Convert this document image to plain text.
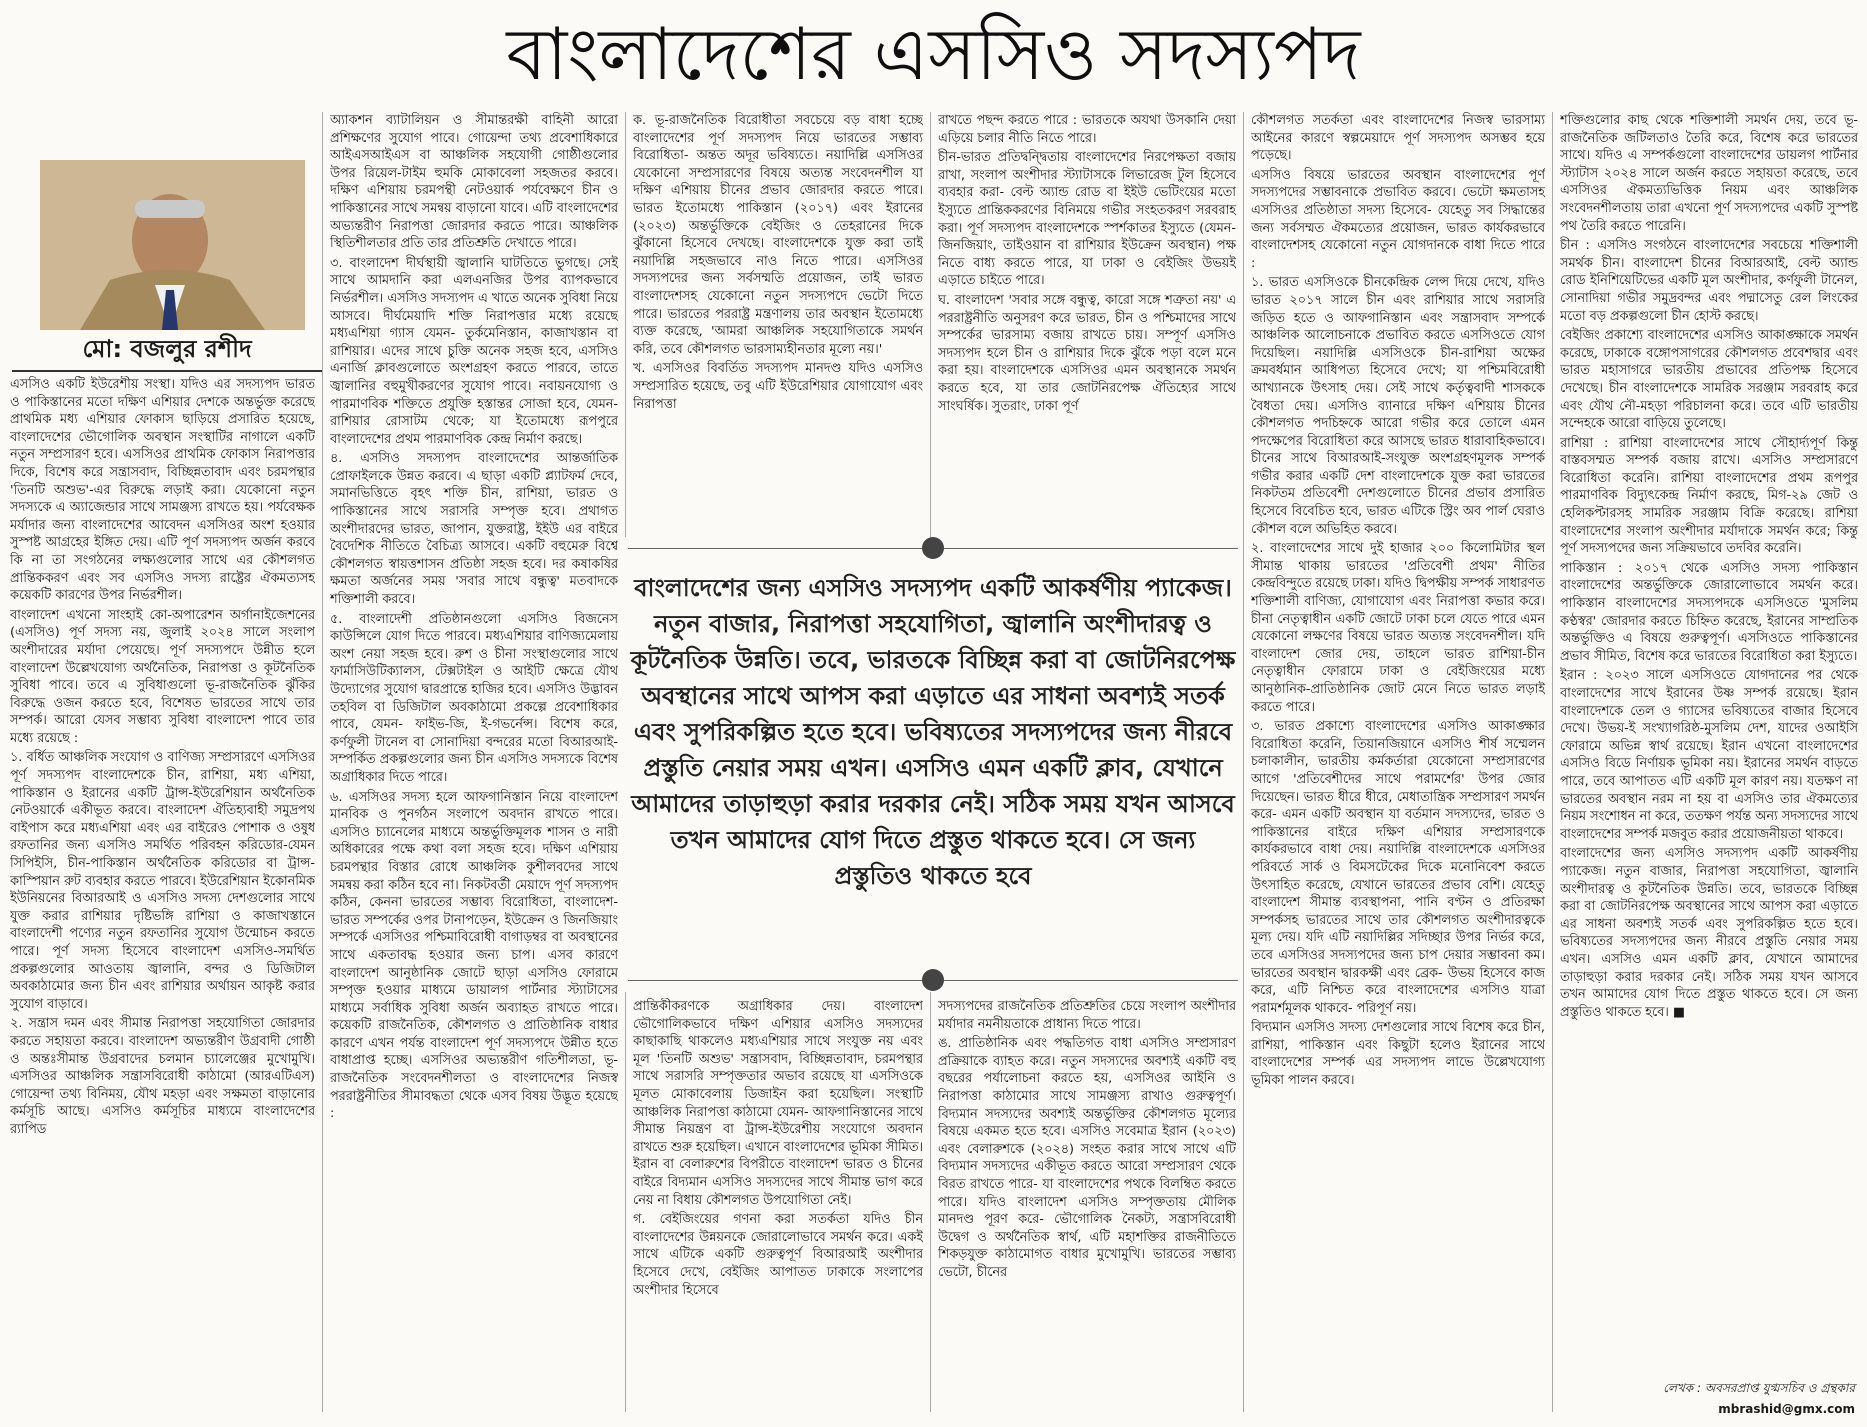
বাংলাদেশের এসসিও সদস্যপদ
মো: বজলুর রশীদ

এসসিও একটি ইউরেশীয় সংস্থা। যদিও এর সদস্যপদ ভারত ও পাকিস্তানের মতো দক্ষিণ এশিয়ার দেশকে অন্তর্ভুক্ত করেছে প্রাথমিক মধ্য এশিয়ার ফোকাস ছাড়িয়ে প্রসারিত হয়েছে, বাংলাদেশের ভৌগোলিক অবস্থান সংস্থাটির নাগালে একটি নতুন সম্প্রসারণ হবে। এসসিওর প্রাথমিক ফোকাস নিরাপত্তার দিকে, বিশেষ করে সন্ত্রাসবাদ, বিচ্ছিন্নতাবাদ এবং চরমপন্থার 'তিনটি অশুভ'-এর বিরুদ্ধে লড়াই করা। যেকোনো নতুন সদস্যকে এ অ্যাজেন্ডার সাথে সামঞ্জস্য রাখতে হয়। পর্যবেক্ষক মর্যাদার জন্য বাংলাদেশের আবেদন এসসিওর অংশ হওয়ার সুস্পষ্ট আগ্রহের ইঙ্গিত দেয়। এটি পূর্ণ সদস্যপদ অর্জন করবে কি না তা সংগঠনের লক্ষ্যগুলোর সাথে এর কৌশলগত প্রান্তিককরণ এবং সব এসসিও সদস্য রাষ্ট্রের ঐকমত্যসহ কয়েকটি কারণের উপর নির্ভরশীল।

বাংলাদেশ এখনো সাংহাই কো-অপারেশন অর্গানাইজেশনের (এসসিও) পূর্ণ সদস্য নয়, জুলাই ২০২৪ সালে সংলাপ অংশীদারের মর্যাদা পেয়েছে। পূর্ণ সদস্যপদে উন্নীত হলে বাংলাদেশ উল্লেখযোগ্য অর্থনৈতিক, নিরাপত্তা ও কূটনৈতিক সুবিধা পাবে। তবে এ সুবিধাগুলো ভূ-রাজনৈতিক ঝুঁকির বিরুদ্ধে ওজন করতে হবে, বিশেষত ভারতের সাথে তার সম্পর্ক। আরো যেসব সম্ভাব্য সুবিধা বাংলাদেশ পাবে তার মধ্যে রয়েছে :

১. বর্ধিত আঞ্চলিক সংযোগ ও বাণিজ্য সম্প্রসারণে এসসিওর পূর্ণ সদস্যপদ বাংলাদেশকে চীন, রাশিয়া, মধ্য এশিয়া, পাকিস্তান ও ইরানের একটি ট্রান্স-ইউরেশিয়ান অর্থনৈতিক নেটওয়ার্কে একীভূত করবে। বাংলাদেশ ঐতিহ্যবাহী সমুদ্রপথ বাইপাস করে মধ্যএশিয়া এবং এর বাইরেও পোশাক ও ওষুধ রফতানির জন্য এসসিও সমর্থিত পরিবহন করিডোর-যেমন সিপিইসি, চীন-পাকিস্তান অর্থনৈতিক করিডোর বা ট্রান্স-কাস্পিয়ান রুট ব্যবহার করতে পারবে। ইউরেশিয়ান ইকোনমিক ইউনিয়নের বিআরআই ও এসসিও সদস্য দেশগুলোর সাথে যুক্ত করার রাশিয়ার দৃষ্টিভঙ্গি রাশিয়া ও কাজাখস্তানে বাংলাদেশী পণ্যের নতুন রফতানির সুযোগ উন্মোচন করতে পারে। পূর্ণ সদস্য হিসেবে বাংলাদেশ এসসিও-সমর্থিত প্রকল্পগুলোর আওতায় জ্বালানি, বন্দর ও ডিজিটাল অবকাঠামোর জন্য চীন এবং রাশিয়ার অর্থায়ন আকৃষ্ট করার সুযোগ বাড়াবে।

২. সন্ত্রাস দমন এবং সীমান্ত নিরাপত্তা সহযোগিতা জোরদার করতে সহায়তা করবে। বাংলাদেশ অভ্যন্তরীণ উগ্রবাদী গোষ্ঠী ও অন্তঃসীমান্ত উগ্রবাদের চলমান চ্যালেঞ্জের মুখোমুখি। এসসিওর আঞ্চলিক সন্ত্রাসবিরোধী কাঠামো (আরএটিএস) গোয়েন্দা তথ্য বিনিময়, যৌথ মহড়া এবং সক্ষমতা বাড়ানোর কর্মসূচি আছে। এসসিও কর্মসূচির মাধ্যমে বাংলাদেশের র‍্যাপিড

অ্যাকশন ব্যাটালিয়ন ও সীমান্তরক্ষী বাহিনী আরো প্রশিক্ষণের সুযোগ পাবে। গোয়েন্দা তথ্য প্রবেশাধিকারে আইএসআইএস বা আঞ্চলিক সহযোগী গোষ্ঠীগুলোর উপর রিয়েল-টাইম হুমকি মোকাবেলা সহজতর করবে। দক্ষিণ এশিয়ায় চরমপন্থী নেটওয়ার্ক পর্যবেক্ষণে চীন ও পাকিস্তানের সাথে সমন্বয় বাড়ানো যাবে। এটি বাংলাদেশের অভ্যন্তরীণ নিরাপত্তা জোরদার করতে পারে। আঞ্চলিক স্থিতিশীলতার প্রতি তার প্রতিশ্রুতি দেখাতে পারে।

৩. বাংলাদেশ দীর্ঘস্থায়ী জ্বালানি ঘাটতিতে ভুগছে। সেই সাথে আমদানি করা এলএনজির উপর ব্যাপকভাবে নির্ভরশীল। এসসিও সদস্যপদ এ খাতে অনেক সুবিধা নিয়ে আসবে। দীর্ঘমেয়াদি শক্তি নিরাপত্তার মধ্যে রয়েছে মধ্যএশিয়া গ্যাস যেমন- তুর্কমেনিস্তান, কাজাখস্তান বা রাশিয়ার। এদের সাথে চুক্তি অনেক সহজ হবে, এসসিও এনার্জি ক্লাবগুলোতে অংশগ্রহণ করতে পারবে, তাতে জ্বালানির বহুমুখীকরণের সুযোগ পাবে। নবায়নযোগ্য ও পারমাণবিক শক্তিতে প্রযুক্তি হস্তান্তর সোজা হবে, যেমন- রাশিয়ার রোসাটম থেকে; যা ইতোমধ্যে রূপপুরে বাংলাদেশের প্রথম পারমাণবিক কেন্দ্র নির্মাণ করছে।

৪. এসসিও সদস্যপদ বাংলাদেশের আন্তর্জাতিক প্রোফাইলকে উন্নত করবে। এ ছাড়া একটি প্ল্যাটফর্ম দেবে, সমানভিত্তিতে বৃহৎ শক্তি চীন, রাশিয়া, ভারত ও পাকিস্তানের সাথে সরাসরি সম্পৃক্ত হবে। প্রথাগত অংশীদারদের ভারত, জাপান, যুক্তরাষ্ট্র, ইইউ এর বাইরে বৈদেশিক নীতিতে বৈচিত্র্য আসবে। একটি বহুমেরু বিশ্বে কৌশলগত স্বায়ত্তশাসন প্রতিষ্ঠা সহজ হবে। দর কষাকষির ক্ষমতা অর্জনের সময় 'সবার সাথে বন্ধুত্ব' মতবাদকে শক্তিশালী করবে।

৫. বাংলাদেশী প্রতিষ্ঠানগুলো এসসিও বিজনেস কাউন্সিলে যোগ দিতে পারবে। মধ্যএশিয়ার বাণিজ্যমেলায় অংশ নেয়া সহজ হবে। রুশ ও চীনা সংস্থাগুলোর সাথে ফার্মাসিউটিক্যালস, টেক্সটাইল ও আইটি ক্ষেত্রে যৌথ উদ্যোগের সুযোগ দ্বারপ্রান্তে হাজির হবে। এসসিও উদ্ভাবন তহবিল বা ডিজিটাল অবকাঠামো প্রকল্পে প্রবেশাধিকার পাবে, যেমন- ফাইভ-জি, ই-গভর্নেন্স। বিশেষ করে, কর্ণফুলী টানেল বা সোনাদিয়া বন্দরের মতো বিআরআই-সম্পর্কিত প্রকল্পগুলোর জন্য চীন এসসিও সদস্যকে বিশেষ অগ্রাধিকার দিতে পারে।

৬. এসসিওর সদস্য হলে আফগানিস্তান নিয়ে বাংলাদেশ মানবিক ও পুনর্গঠন সংলাপে অবদান রাখতে পারে। এসসিও চ্যানেলের মাধ্যমে অন্তর্ভুক্তিমূলক শাসন ও নারী অধিকারের পক্ষে কথা বলা সহজ হবে। দক্ষিণ এশিয়ায় চরমপন্থার বিস্তার রোধে আঞ্চলিক কুশীলবদের সাথে সমন্বয় করা কঠিন হবে না। নিকটবর্তী মেয়াদে পূর্ণ সদস্যপদ কঠিন, কেননা ভারতের সম্ভাব্য বিরোধিতা, বাংলাদেশ-ভারত সম্পর্কের ওপর টানাপড়েন, ইউক্রেন ও জিনজিয়াং সম্পর্কে এসসিওর পশ্চিমাবিরোধী বাগাড়ম্বর বা অবস্থানের সাথে একতাবদ্ধ হওয়ার জন্য চাপ। এসব কারণে বাংলাদেশ আনুষ্ঠানিক জোটে ছাড়া এসসিও ফোরামে সম্পৃক্ত হওয়ার মাধ্যমে ডায়ালগ পার্টনার স্ট্যাটাসের মাধ্যমে সর্বাধিক সুবিধা অর্জন অব্যাহত রাখতে পারে। কয়েকটি রাজনৈতিক, কৌশলগত ও প্রাতিষ্ঠানিক বাধার কারণে এখন পর্যন্ত বাংলাদেশ পূর্ণ সদস্যপদে উন্নীত হতে বাধাপ্রাপ্ত হচ্ছে। এসসিওর অভ্যন্তরীণ গতিশীলতা, ভূ-রাজনৈতিক সংবেদনশীলতা ও বাংলাদেশের নিজস্ব পররাষ্ট্রনীতির সীমাবদ্ধতা থেকে এসব বিষয় উদ্ভূত হয়েছে :

ক. ভূ-রাজনৈতিক বিরোধীতা সবচেয়ে বড় বাধা হচ্ছে বাংলাদেশের পূর্ণ সদস্যপদ নিয়ে ভারতের সম্ভাব্য বিরোধিতা- অন্তত অদূর ভবিষ্যতে। নয়াদিল্লি এসসিওর যেকোনো সম্প্রসারণের বিষয়ে অত্যন্ত সংবেদনশীল যা দক্ষিণ এশিয়ায় চীনের প্রভাব জোরদার করতে পারে। ভারত ইতোমধ্যে পাকিস্তান (২০১৭) এবং ইরানের (২০২৩) অন্তর্ভুক্তিকে বেইজিং ও তেহরানের দিকে ঝুঁকানো হিসেবে দেখছে। বাংলাদেশকে যুক্ত করা তাই নয়াদিল্লি সহজভাবে নাও নিতে পারে। এসসিওর সদস্যপদের জন্য সর্বসম্মতি প্রয়োজন, তাই ভারত বাংলাদেশসহ যেকোনো নতুন সদস্যপদে ভেটো দিতে পারে। ভারতের পররাষ্ট্র মন্ত্রণালয় তার অবস্থান ইতোমধ্যে ব্যক্ত করেছে, 'আমরা আঞ্চলিক সহযোগিতাকে সমর্থন করি, তবে কৌশলগত ভারসাম্যহীনতার মূল্যে নয়।'

খ. এসসিওর বিবর্তিত সদস্যপদ মানদণ্ড যদিও এসসিও সম্প্রসারিত হয়েছে, তবু এটি ইউরেশিয়ার যোগাযোগ এবং নিরাপত্তা

রাখতে পছন্দ করতে পারে : ভারতকে অযথা উসকানি দেয়া এড়িয়ে চলার নীতি নিতে পারে।

চীন-ভারত প্রতিদ্বন্দ্বিতায় বাংলাদেশের নিরপেক্ষতা বজায় রাখা, সংলাপ অংশীদার স্ট্যাটাসকে লিভারেজ টুল হিসেবে ব্যবহার করা- বেল্ট অ্যান্ড রোড বা ইইউ ভেটিংয়ের মতো ইস্যুতে প্রান্তিককরণের বিনিময়ে গভীর সংহতকরণ সরবরাহ করা। পূর্ণ সদস্যপদ বাংলাদেশকে স্পর্শকাতর ইস্যুতে (যেমন- জিনজিয়াং, তাইওয়ান বা রাশিয়ার ইউক্রেন অবস্থান) পক্ষ নিতে বাধ্য করতে পারে, যা ঢাকা ও বেইজিং উভয়ই এড়াতে চাইতে পারে।

ঘ. বাংলাদেশ 'সবার সঙ্গে বন্ধুত্ব, কারো সঙ্গে শত্রুতা নয়' এ পররাষ্ট্রনীতি অনুসরণ করে ভারত, চীন ও পশ্চিমাদের সাথে সম্পর্কের ভারসাম্য বজায় রাখতে চায়। সম্পূর্ণ এসসিও সদস্যপদ হলে চীন ও রাশিয়ার দিকে ঝুঁকে পড়া বলে মনে করা হয়। বাংলাদেশকে এসসিওর এমন অবস্থানকে সমর্থন করতে হবে, যা তার জোটনিরপেক্ষ ঐতিহ্যের সাথে সাংঘর্ষিক। সুতরাং, ঢাকা পূর্ণ

কৌশলগত সতর্কতা এবং বাংলাদেশের নিজস্ব ভারসাম্য আইনের কারণে স্বল্পমেয়াদে পূর্ণ সদস্যপদ অসম্ভব হয়ে পড়েছে।

এসসিও বিষয়ে ভারতের অবস্থান বাংলাদেশের পূর্ণ সদস্যপদের সম্ভাবনাকে প্রভাবিত করবে। ভেটো ক্ষমতাসহ এসসিওর প্রতিষ্ঠাতা সদস্য হিসেবে- যেহেতু সব সিদ্ধান্তের জন্য সর্বসম্মত ঐকমত্যের প্রয়োজন, ভারত কার্যকরভাবে বাংলাদেশসহ যেকোনো নতুন যোগদানকে বাধা দিতে পারে :

১. ভারত এসসিওকে চীনকেন্দ্রিক লেন্স দিয়ে দেখে, যদিও ভারত ২০১৭ সালে চীন এবং রাশিয়ার সাথে সরাসরি জড়িত হতে ও আফগানিস্তান এবং সন্ত্রাসবাদ সম্পর্কে আঞ্চলিক আলোচনাকে প্রভাবিত করতে এসসিওতে যোগ দিয়েছিল। নয়াদিল্লি এসসিওকে চীন-রাশিয়া অক্ষের ক্রমবর্ধমান আধিপত্য হিসেবে দেখে; যা পশ্চিমবিরোধী আখ্যানকে উৎসাহ দেয়। সেই সাথে কর্তৃত্ববাদী শাসককে বৈধতা দেয়। এসসিও ব্যানারে দক্ষিণ এশিয়ায় চীনের কৌশলগত পদচিহ্নকে আরো গভীর করে তোলে এমন পদক্ষেপের বিরোধিতা করে আসছে ভারত ধারাবাহিকভাবে। চীনের সাথে বিআরআই-সংযুক্ত অংশগ্রহণমূলক সম্পর্ক গভীর করার একটি দেশ বাংলাদেশকে যুক্ত করা ভারতের নিকটতম প্রতিবেশী দেশগুলোতে চীনের প্রভাব প্রসারিত হিসেবে বিবেচিত হবে, ভারত এটিকে স্ট্রিং অব পার্ল ঘেরাও কৌশল বলে অভিহিত করবে।

২. বাংলাদেশের সাথে দুই হাজার ২০০ কিলোমিটার স্থল সীমান্ত থাকায় ভারতের 'প্রতিবেশী প্রথম' নীতির কেন্দ্রবিন্দুতে রয়েছে ঢাকা। যদিও দ্বিপক্ষীয় সম্পর্ক সাধারণত শক্তিশালী বাণিজ্য, যোগাযোগ এবং নিরাপত্তা কভার করে। চীনা নেতৃত্বাধীন একটি জোটে ঢাকা চলে যেতে পারে এমন যেকোনো লক্ষণের বিষয়ে ভারত অত্যন্ত সংবেদনশীল। যদি বাংলাদেশ জোর দেয়, তাহলে ভারত রাশিয়া-চীন নেতৃত্বাধীন ফোরামে ঢাকা ও বেইজিংয়ের মধ্যে আনুষ্ঠানিক-প্রাতিষ্ঠানিক জোট মেনে নিতে ভারত লড়াই করতে পারে।

৩. ভারত প্রকাশ্যে বাংলাদেশের এসসিও আকাঙ্ক্ষার বিরোধিতা করেনি, তিয়ানজিয়ানে এসসিও শীর্ষ সম্মেলন চলাকালীন, ভারতীয় কর্মকর্তারা যেকোনো সম্প্রসারণের আগে 'প্রতিবেশীদের সাথে পরামর্শের' উপর জোর দিয়েছেন। ভারত ধীরে ধীরে, মেধাতান্ত্রিক সম্প্রসারণ সমর্থন করে- এমন একটি অবস্থান যা বর্তমান সদস্যদের, ভারত ও পাকিস্তানের বাইরে দক্ষিণ এশিয়ার সম্প্রসারণকে কার্যকরভাবে বাধা দেয়। নয়াদিল্লি বাংলাদেশকে এসসিওর পরিবর্তে সার্ক ও বিমসটেকের দিকে মনোনিবেশ করতে উৎসাহিত করেছে, যেখানে ভারতের প্রভাব বেশি। যেহেতু বাংলাদেশ সীমান্ত ব্যবস্থাপনা, পানি বণ্টন ও প্রতিরক্ষা সম্পর্কসহ ভারতের সাথে তার কৌশলগত অংশীদারত্বকে মূল্য দেয়। যদি এটি নয়াদিল্লির সদিচ্ছার উপর নির্ভর করে, তবে এসসিওর সদস্যপদের জন্য চাপ দেয়ার সম্ভাবনা কম। ভারতের অবস্থান দ্বারকক্ষী এবং ব্রেক- উভয় হিসেবে কাজ করে, এটি নিশ্চিত করে বাংলাদেশের এসসিও যাত্রা পরামর্শমূলক থাকবে- পরিপূর্ণ নয়।

বিদ্যমান এসসিও সদস্য দেশগুলোর সাথে বিশেষ করে চীন, রাশিয়া, পাকিস্তান এবং কিছুটা হলেও ইরানের সাথে বাংলাদেশের সম্পর্ক এর সদস্যপদ লাভে উল্লেখযোগ্য ভূমিকা পালন করবে।

শক্তিগুলোর কাছ থেকে শক্তিশালী সমর্থন দেয়, তবে ভূ-রাজনৈতিক জটিলতাও তৈরি করে, বিশেষ করে ভারতের সাথে। যদিও এ সম্পর্কগুলো বাংলাদেশের ডায়লগ পার্টনার স্ট্যাটাস ২০২৪ সালে অর্জন করতে সহায়তা করেছে, তবে এসসিওর ঐকমত্যভিত্তিক নিয়ম এবং আঞ্চলিক সংবেদনশীলতায় তারা এখনো পূর্ণ সদস্যপদের একটি সুস্পষ্ট পথ তৈরি করতে পারেনি।

চীন : এসসিও সংগঠনে বাংলাদেশের সবচেয়ে শক্তিশালী সমর্থক চীন। বাংলাদেশ চীনের বিআরআই, বেল্ট অ্যান্ড রোড ইনিশিয়েটিভের একটি মূল অংশীদার, কর্ণফুলী টানেল, সোনাদিয়া গভীর সমুদ্রবন্দর এবং পদ্মাসেতু রেল লিংকের মতো বড় প্রকল্পগুলো চীন হোস্ট করছে।

বেইজিং প্রকাশ্যে বাংলাদেশের এসসিও আকাঙ্ক্ষাকে সমর্থন করেছে, ঢাকাকে বঙ্গোপসাগরের কৌশলগত প্রবেশদ্বার এবং ভারত মহাসাগরে ভারতীয় প্রভাবের প্রতিপক্ষ হিসেবে দেখেছে। চীন বাংলাদেশকে সামরিক সরঞ্জাম সরবরাহ করে এবং যৌথ নৌ-মহড়া পরিচালনা করে। তবে এটি ভারতীয় সন্দেহকে আরো বাড়িয়ে তুলেছে।

রাশিয়া : রাশিয়া বাংলাদেশের সাথে সৌহার্দ্যপূর্ণ কিন্তু বাস্তবসম্মত সম্পর্ক বজায় রাখে। এসসিও সম্প্রসারণে বিরোধিতা করেনি। রাশিয়া বাংলাদেশের প্রথম রূপপুর পারমাণবিক বিদ্যুৎকেন্দ্র নির্মাণ করছে, মিগ-২৯ জেট ও হেলিকপ্টারসহ সামরিক সরঞ্জাম বিক্রি করেছে। রাশিয়া বাংলাদেশের সংলাপ অংশীদার মর্যাদাকে সমর্থন করে; কিন্তু পূর্ণ সদস্যপদের জন্য সক্রিয়ভাবে তদবির করেনি।

পাকিস্তান : ২০১৭ থেকে এসসিও সদস্য পাকিস্তান বাংলাদেশের অন্তর্ভুক্তিকে জোরালোভাবে সমর্থন করে। পাকিস্তান বাংলাদেশের সদস্যপদকে এসসিওতে 'মুসলিম কণ্ঠস্বর' জোরদার করতে চিহ্নিত করেছে, ইরানের সাম্প্রতিক অন্তর্ভুক্তিও এ বিষয়ে গুরুত্বপূর্ণ। এসসিওতে পাকিস্তানের প্রভাব সীমিত, বিশেষ করে ভারতের বিরোধিতা করা ইস্যুতে।

ইরান : ২০২৩ সালে এসসিওতে যোগদানের পর থেকে বাংলাদেশের সাথে ইরানের উষ্ণ সম্পর্ক রয়েছে। ইরান বাংলাদেশকে তেল ও গ্যাসের ভবিষ্যতের বাজার হিসেবে দেখে। উভয়-ই সংখ্যাগরিষ্ঠ-মুসলিম দেশ, যাদের ওআইসি ফোরামে অভিন্ন স্বার্থ রয়েছে। ইরান এখনো বাংলাদেশের এসসিও বিডে নির্ণায়ক ভূমিকা নয়। ইরানের সমর্থন বাড়তে পারে, তবে আপাতত এটি একটি মূল কারণ নয়। যতক্ষণ না ভারতের অবস্থান নরম না হয় বা এসসিও তার ঐকমত্যের নিয়ম সংশোধন না করে, ততক্ষণ পর্যন্ত অন্য সদস্যদের সাথে বাংলাদেশের সম্পর্ক মজবুত করার প্রয়োজনীয়তা থাকবে।

বাংলাদেশের জন্য এসসিও সদস্যপদ একটি আকর্ষণীয় প্যাকেজ। নতুন বাজার, নিরাপত্তা সহযোগিতা, জ্বালানি অংশীদারত্ব ও কূটনৈতিক উন্নতি। তবে, ভারতকে বিচ্ছিন্ন করা বা জোটনিরপেক্ষ অবস্থানের সাথে আপস করা এড়াতে এর সাধনা অবশ্যই সতর্ক এবং সুপরিকল্পিত হতে হবে। ভবিষ্যতের সদস্যপদের জন্য নীরবে প্রস্তুতি নেয়ার সময় এখন। এসসিও এমন একটি ক্লাব, যেখানে আমাদের তাড়াহুড়া করার দরকার নেই। সঠিক সময় যখন আসবে তখন আমাদের যোগ দিতে প্রস্তুত থাকতে হবে। সে জন্য প্রস্তুতিও থাকতে হবে। ■

বাংলাদেশের জন্য এসসিও সদস্যপদ একটি আকর্ষণীয় প্যাকেজ। নতুন বাজার, নিরাপত্তা সহযোগিতা, জ্বালানি অংশীদারত্ব ও কূটনৈতিক উন্নতি। তবে, ভারতকে বিচ্ছিন্ন করা বা জোটনিরপেক্ষ অবস্থানের সাথে আপস করা এড়াতে এর সাধনা অবশ্যই সতর্ক এবং সুপরিকল্পিত হতে হবে। ভবিষ্যতের সদস্যপদের জন্য নীরবে প্রস্তুতি নেয়ার সময় এখন। এসসিও এমন একটি ক্লাব, যেখানে আমাদের তাড়াহুড়া করার দরকার নেই। সঠিক সময় যখন আসবে তখন আমাদের যোগ দিতে প্রস্তুত থাকতে হবে। সে জন্য প্রস্তুতিও থাকতে হবে

প্রান্তিকীকরণকে অগ্রাধিকার দেয়। বাংলাদেশ ভৌগোলিকভাবে দক্ষিণ এশিয়ার এসসিও সদস্যদের কাছাকাছি থাকলেও মধ্যএশিয়ার সাথে সংযুক্ত নয় এবং মূল 'তিনটি অশুভ' সন্ত্রাসবাদ, বিচ্ছিন্নতাবাদ, চরমপন্থার সাথে সরাসরি সম্পৃক্ততার অভাব রয়েছে যা এসসিওকে মূলত মোকাবেলায় ডিজাইন করা হয়েছিল। সংস্থাটি আঞ্চলিক নিরাপত্তা কাঠামো যেমন- আফগানিস্তানের সাথে সীমান্ত নিয়ন্ত্রণ বা ট্রান্স-ইউরেশীয় সংযোগে অবদান রাখতে শুরু হয়েছিল। এখানে বাংলাদেশের ভূমিকা সীমিত। ইরান বা বেলারুশের বিপরীতে বাংলাদেশ ভারত ও চীনের বাইরে বিদ্যমান এসসিও সদস্যদের সাথে সীমান্ত ভাগ করে নেয় না বিধায় কৌশলগত উপযোগিতা নেই।

গ. বেইজিংয়ের গণনা করা সতর্কতা যদিও চীন বাংলাদেশের উন্নয়নকে জোরালোভাবে সমর্থন করে। একই সাথে এটিকে একটি গুরুত্বপূর্ণ বিআরআই অংশীদার হিসেবে দেখে, বেইজিং আপাতত ঢাকাকে সংলাপের অংশীদার হিসেবে

সদস্যপদের রাজনৈতিক প্রতিশ্রুতির চেয়ে সংলাপ অংশীদার মর্যাদার নমনীয়তাকে প্রাধান্য দিতে পারে।

ঙ. প্রাতিষ্ঠানিক এবং পদ্ধতিগত বাধা এসসিও সম্প্রসারণ প্রক্রিয়াকে ব্যাহত করে। নতুন সদস্যদের অবশ্যই একটি বহু বছরের পর্যালোচনা করতে হয়, এসসিওর আইনি ও নিরাপত্তা কাঠামোর সাথে সামঞ্জস্য রাখাও গুরুত্বপূর্ণ। বিদ্যমান সদস্যদের অবশ্যই অন্তর্ভুক্তির কৌশলগত মূল্যের বিষয়ে একমত হতে হবে। এসসিও সবেমাত্র ইরান (২০২৩) এবং বেলারুশকে (২০২৪) সংহত করার সাথে সাথে এটি বিদ্যমান সদস্যদের একীভূত করতে আরো সম্প্রসারণ থেকে বিরত রাখতে পারে- যা বাংলাদেশের পথকে বিলম্বিত করতে পারে। যদিও বাংলাদেশ এসসিও সম্পৃক্ততায় মৌলিক মানদণ্ড পূরণ করে- ভৌগোলিক নৈকট্য, সন্ত্রাসবিরোধী উদ্বেগ ও অর্থনৈতিক স্বার্থ, এটি মহাশক্তির রাজনীতিতে শিকড়যুক্ত কাঠামোগত বাধার মুখোমুখি। ভারতের সম্ভাব্য ভেটো, চীনের

লেখক : অবসরপ্রাপ্ত যুগ্মসচিব ও গ্রন্থকার
mbrashid@gmx.com
